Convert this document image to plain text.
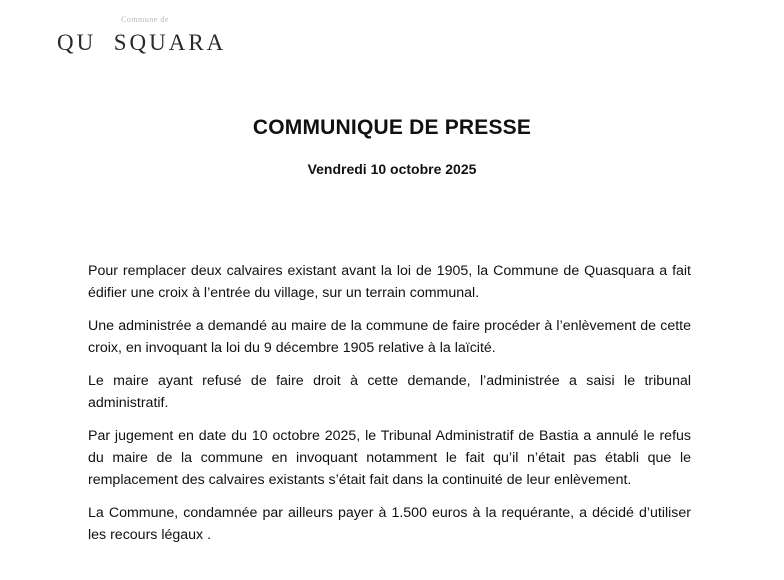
Commune de
QU  SQUARA
COMMUNIQUE DE PRESSE
Vendredi 10 octobre 2025

Pour remplacer deux calvaires existant avant la loi de 1905, la Commune de Quasquara a fait édifier une croix à l’entrée du village, sur un terrain communal.

Une administrée a demandé au maire de la commune de faire procéder à l’enlèvement de cette croix, en invoquant la loi du 9 décembre 1905 relative à la laïcité.

Le maire ayant refusé de faire droit à cette demande, l’administrée a saisi le tribunal administratif.

Par jugement en date du 10 octobre 2025, le Tribunal Administratif de Bastia a annulé le refus du maire de la commune en invoquant notamment le fait qu’il n’était pas établi que le remplacement des calvaires existants s’était fait dans la continuité de leur enlèvement.

La Commune, condamnée par ailleurs payer à 1.500 euros à la requérante, a décidé d’utiliser les recours légaux .
